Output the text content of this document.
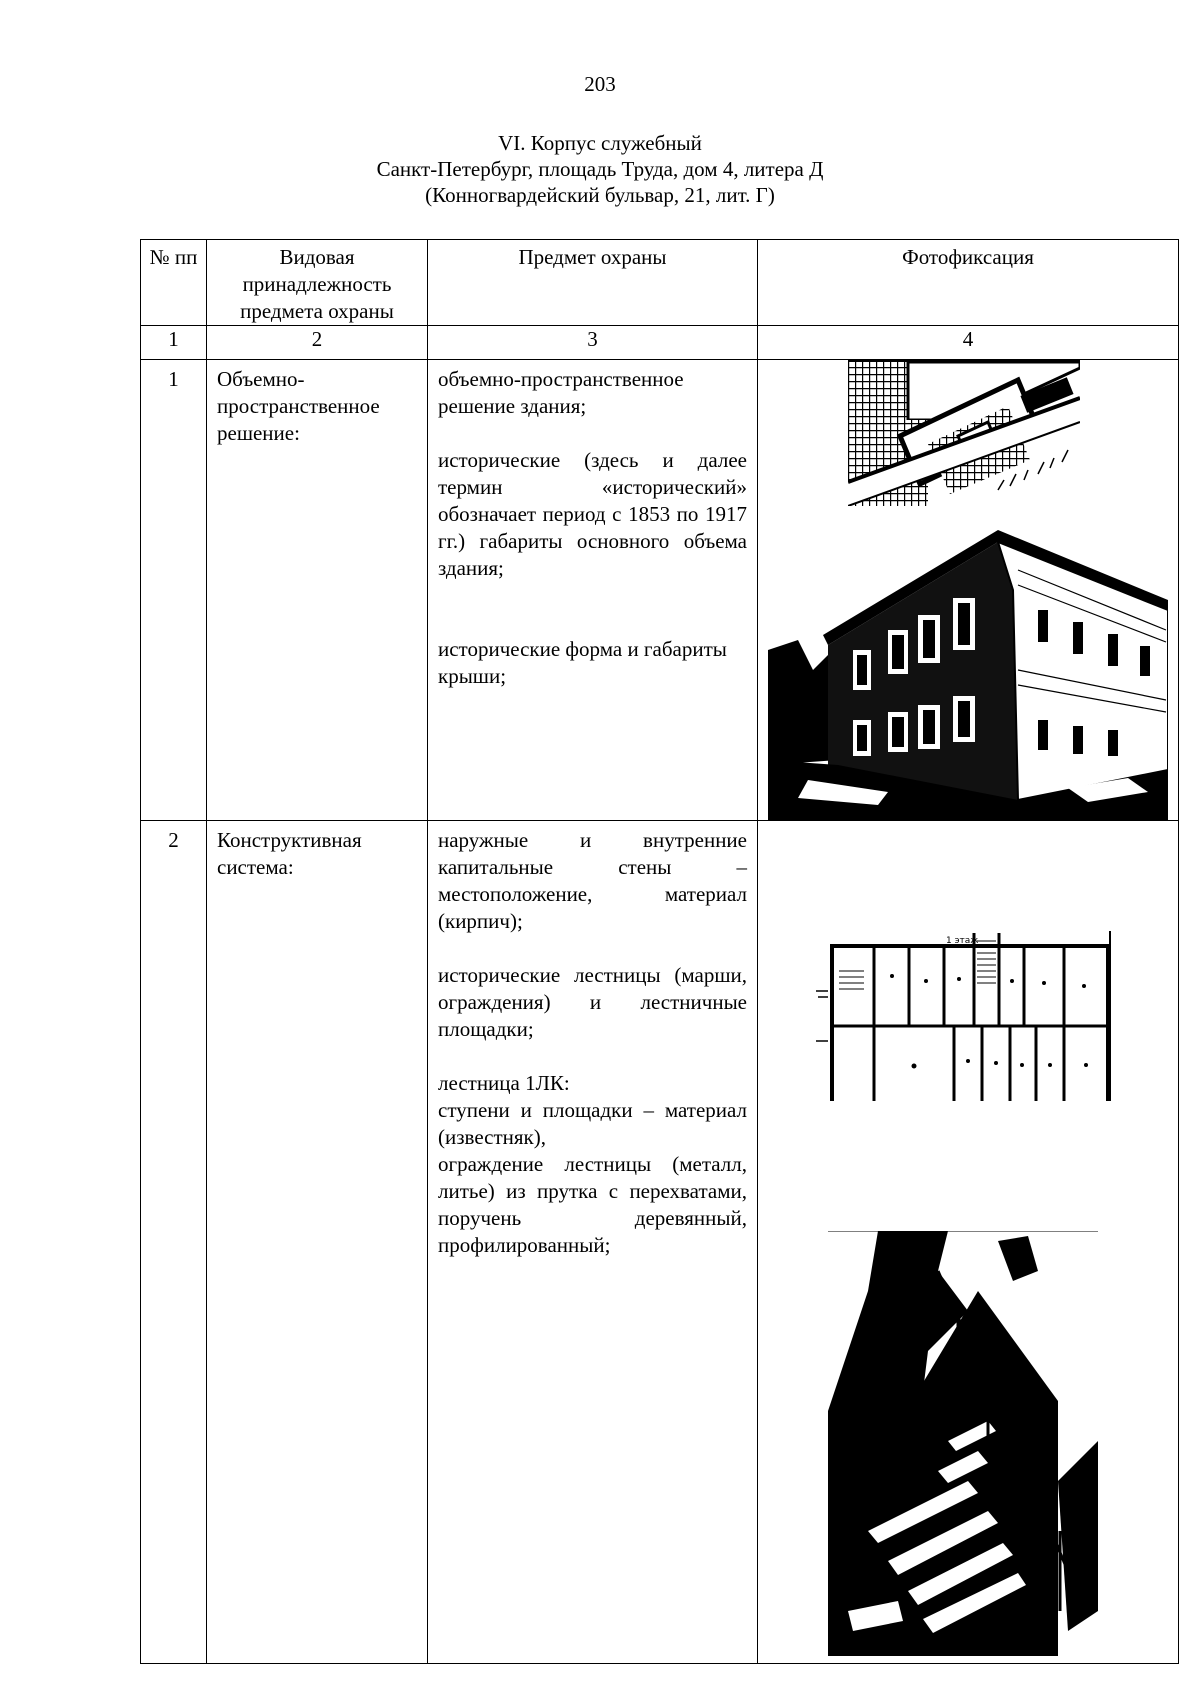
203
VI. Корпус служебный
Санкт-Петербург, площадь Труда, дом 4, литера Д
(Конногвардейский бульвар, 21, лит. Г)
№ пп	Видовая принадлежность предмета охраны	Предмет охраны	Фотофиксация
1	2	3	4
1	Объемно-пространственное решение:	объемно-пространственное решение здания;

исторические (здесь и далее термин «исторический» обозначает период с 1853 по 1917 гг.) габариты основного объема здания;

исторические форма и габариты крыши;

2	Конструктивная система:	наружные и внутренние капитальные стены – местоположение, материал (кирпич);

исторические лестницы (марши, ограждения) и лестничные площадки;

лестница 1ЛК:

ступени и площадки – материал (известняк),

ограждение лестницы (металл, литье) из прутка с перехватами, поручень деревянный, профилированный;	1 этаж
